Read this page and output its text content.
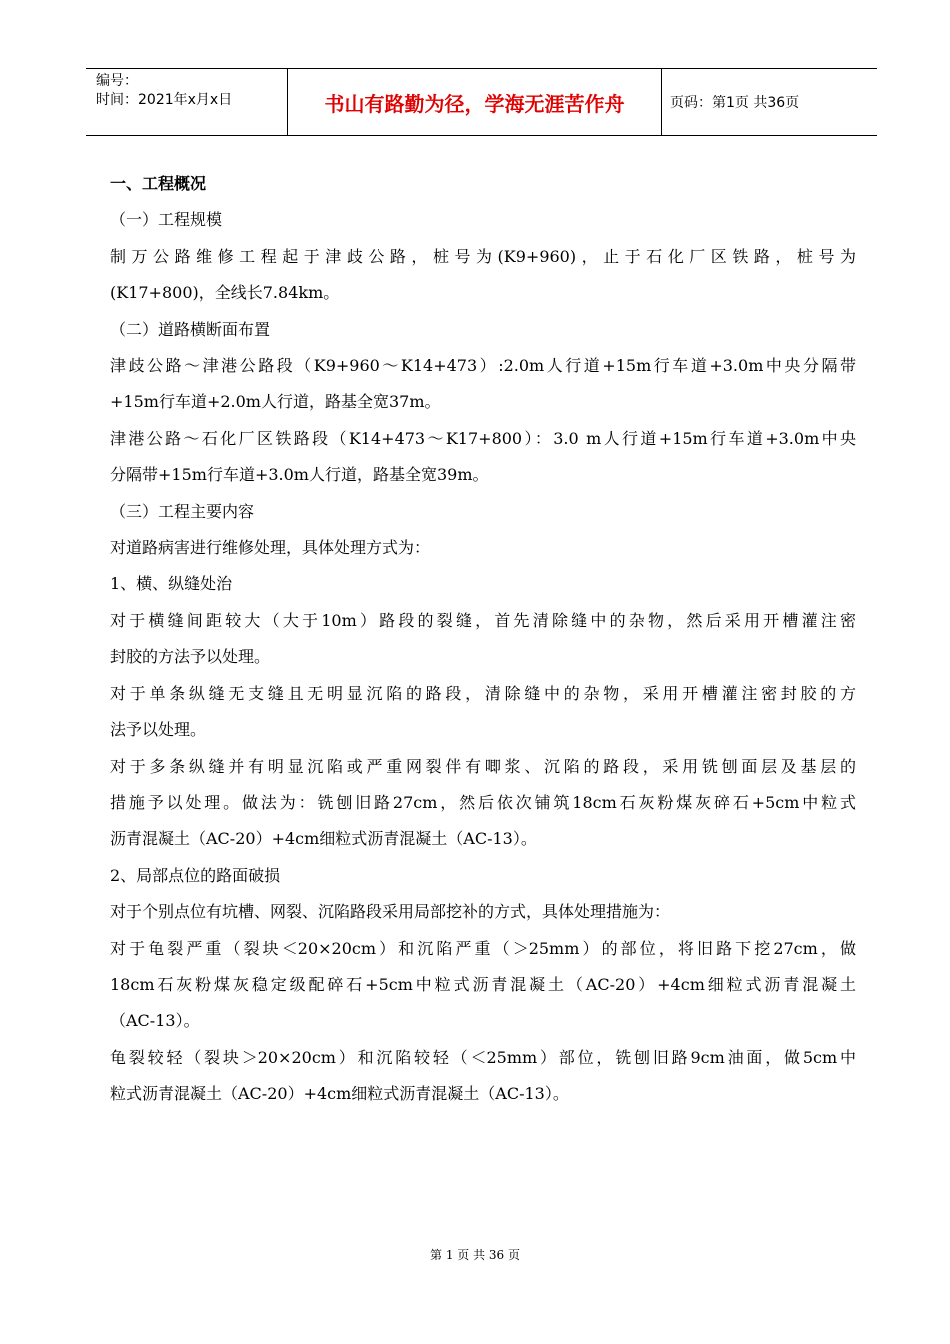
编号：
时间：2021年x月x日	书山有路勤为径，学海无涯苦作舟	页码：第1页 共36页

一、工程概况

（一）工程规模

制万公路维修工程起于津歧公路，桩号为(K9+960)，止于石化厂区铁路，桩号为

(K17+800)，全线长7.84km。

（二）道路横断面布置

津歧公路～津港公路段（K9+960～K14+473）:2.0m人行道+15m行车道+3.0m中央分隔带

+15m行车道+2.0m人行道，路基全宽37m。

津港公路～石化厂区铁路段（K14+473～K17+800）：3.0 m人行道+15m行车道+3.0m中央

分隔带+15m行车道+3.0m人行道，路基全宽39m。

（三）工程主要内容

对道路病害进行维修处理，具体处理方式为：

1、横、纵缝处治

对于横缝间距较大（大于10m）路段的裂缝，首先清除缝中的杂物，然后采用开槽灌注密

封胶的方法予以处理。

对于单条纵缝无支缝且无明显沉陷的路段，清除缝中的杂物，采用开槽灌注密封胶的方

法予以处理。

对于多条纵缝并有明显沉陷或严重网裂伴有唧浆、沉陷的路段，采用铣刨面层及基层的

措施予以处理。做法为：铣刨旧路27cm，然后依次铺筑18cm石灰粉煤灰碎石+5cm中粒式

沥青混凝土（AC-20）+4cm细粒式沥青混凝土（AC-13）。

2、局部点位的路面破损

对于个别点位有坑槽、网裂、沉陷路段采用局部挖补的方式，具体处理措施为：

对于龟裂严重（裂块＜20×20cm）和沉陷严重（＞25mm）的部位，将旧路下挖27cm，做

18cm石灰粉煤灰稳定级配碎石+5cm中粒式沥青混凝土（AC-20）+4cm细粒式沥青混凝土

（AC-13）。

龟裂较轻（裂块＞20×20cm）和沉陷较轻（＜25mm）部位，铣刨旧路9cm油面，做5cm中

粒式沥青混凝土（AC-20）+4cm细粒式沥青混凝土（AC-13）。

第 1 页 共 36 页
